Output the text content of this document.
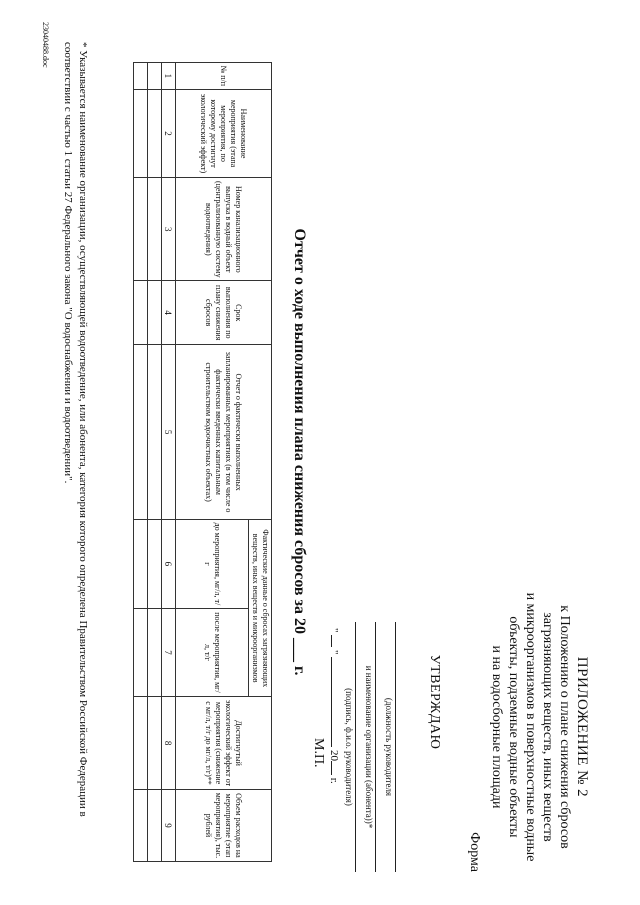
ПРИЛОЖЕНИЕ № 2
к Положению о плане снижения сбросов
загрязняющих веществ, иных веществ
и микроорганизмов в поверхностные водные
объекты, подземные водные объекты
и на водосборные площади
Форма
УТВЕРЖДАЮ
(должность руководителя
и наименование организации (абонента))*
(подпись, ф.и.о. руководителя)
"  "  20 г.
М.П.
Отчет о ходе выполнения плана снижения сбросов за 20 ___ г.
№ п/п	Наименование мероприятия (этапа мероприятия, по которому достигнут экологический эффект)	Номер канализационного выпуска в водный объект (централизованную систему водоотведения)	Срок выполнения по плану снижения сбросов	Отчет о фактически выполненных запланированных мероприятиях (в том числе о фактически введенных капитальным строительством водоочистных объектах)	Фактические данные о сбросах загрязняющих веществ, иных веществ и микроорганизмов		Достигнутый экологический эффект от мероприятия (снижение с мг/л, т/г до мг/л, т/г)**	Объем расходов на мероприятие (этап мероприятия), тыс. рублей
					до мероприятия, мг/л, т/г	после мероприятия, мг/л, т/г		
1	2	3	4	5	6	7	8	9

* Указывается наименование организации, осуществляющей водоотведение, или абонента, категория которого определена Правительством Российской Федерации в соответствии с частью 1 статьи 27 Федерального закона "О водоснабжении и водоотведении".
23040488.doc
